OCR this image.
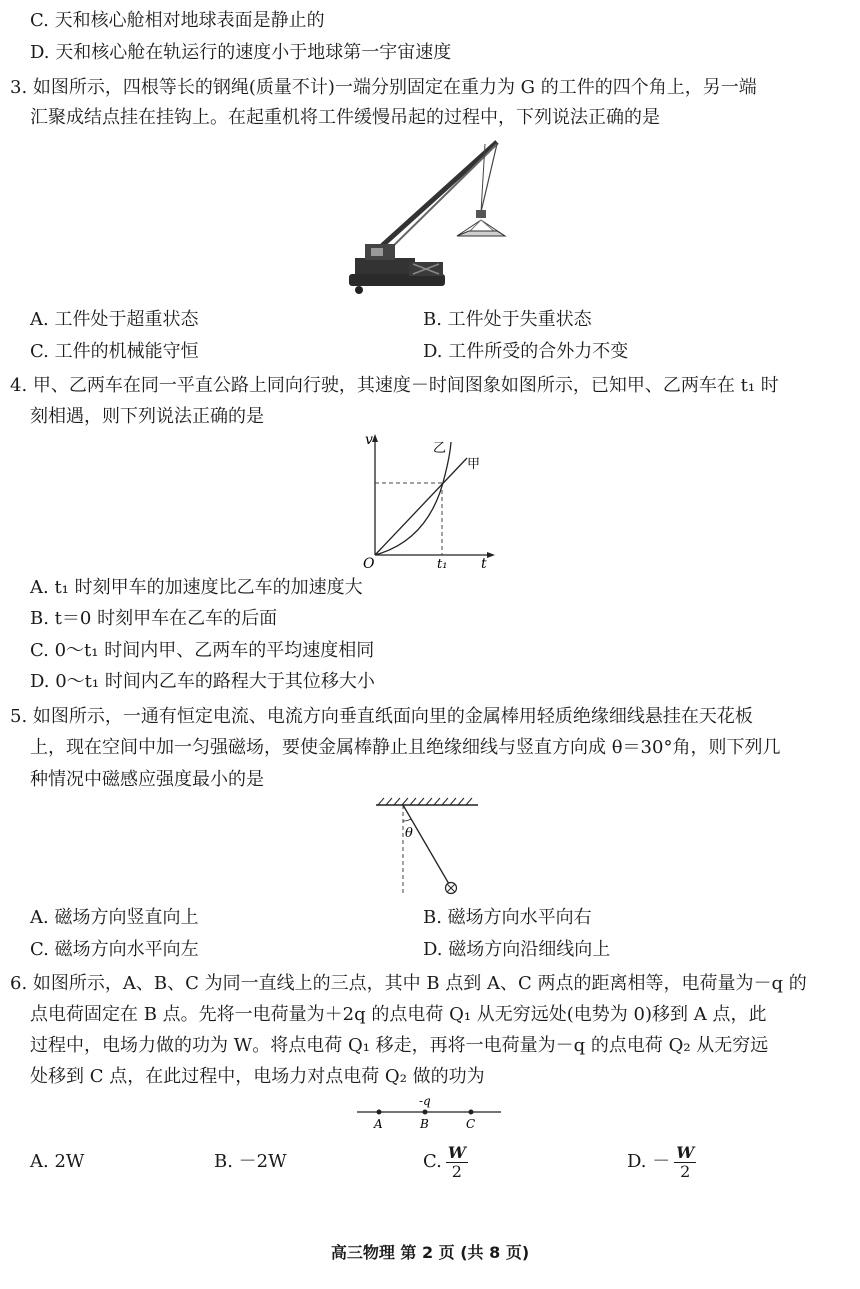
C. 天和核心舱相对地球表面是静止的
D. 天和核心舱在轨运行的速度小于地球第一宇宙速度
3. 如图所示，四根等长的钢绳(质量不计)一端分别固定在重力为 G 的工件的四个角上，另一端
汇聚成结点挂在挂钩上。在起重机将工件缓慢吊起的过程中，下列说法正确的是
A. 工件处于超重状态	B. 工件处于失重状态
C. 工件的机械能守恒	D. 工件所受的合外力不变
4. 甲、乙两车在同一平直公路上同向行驶，其速度－时间图象如图所示，已知甲、乙两车在 t₁ 时
刻相遇，则下列说法正确的是
v
t
O	t₁
甲
乙
A. t₁ 时刻甲车的加速度比乙车的加速度大
B. t＝0 时刻甲车在乙车的后面
C. 0～t₁ 时间内甲、乙两车的平均速度相同
D. 0～t₁ 时间内乙车的路程大于其位移大小
5. 如图所示，一通有恒定电流、电流方向垂直纸面向里的金属棒用轻质绝缘细线悬挂在天花板
上，现在空间中加一匀强磁场，要使金属棒静止且绝缘细线与竖直方向成 θ＝30°角，则下列几
种情况中磁感应强度最小的是
θ
A. 磁场方向竖直向上	B. 磁场方向水平向右
C. 磁场方向水平向左	D. 磁场方向沿细线向上
6. 如图所示，A、B、C 为同一直线上的三点，其中 B 点到 A、C 两点的距离相等，电荷量为－q 的
点电荷固定在 B 点。先将一电荷量为＋2q 的点电荷 Q₁ 从无穷远处(电势为 0)移到 A 点，此
过程中，电场力做的功为 W。将点电荷 Q₁ 移走，再将一电荷量为－q 的点电荷 Q₂ 从无穷远
处移到 C 点，在此过程中，电场力对点电荷 Q₂ 做的功为
-q
A	B	C
A. 2W	B. －2W	C. $\frac{W}{2}$	D. － $\frac{W}{2}$
高三物理 第 2 页 (共 8 页)
